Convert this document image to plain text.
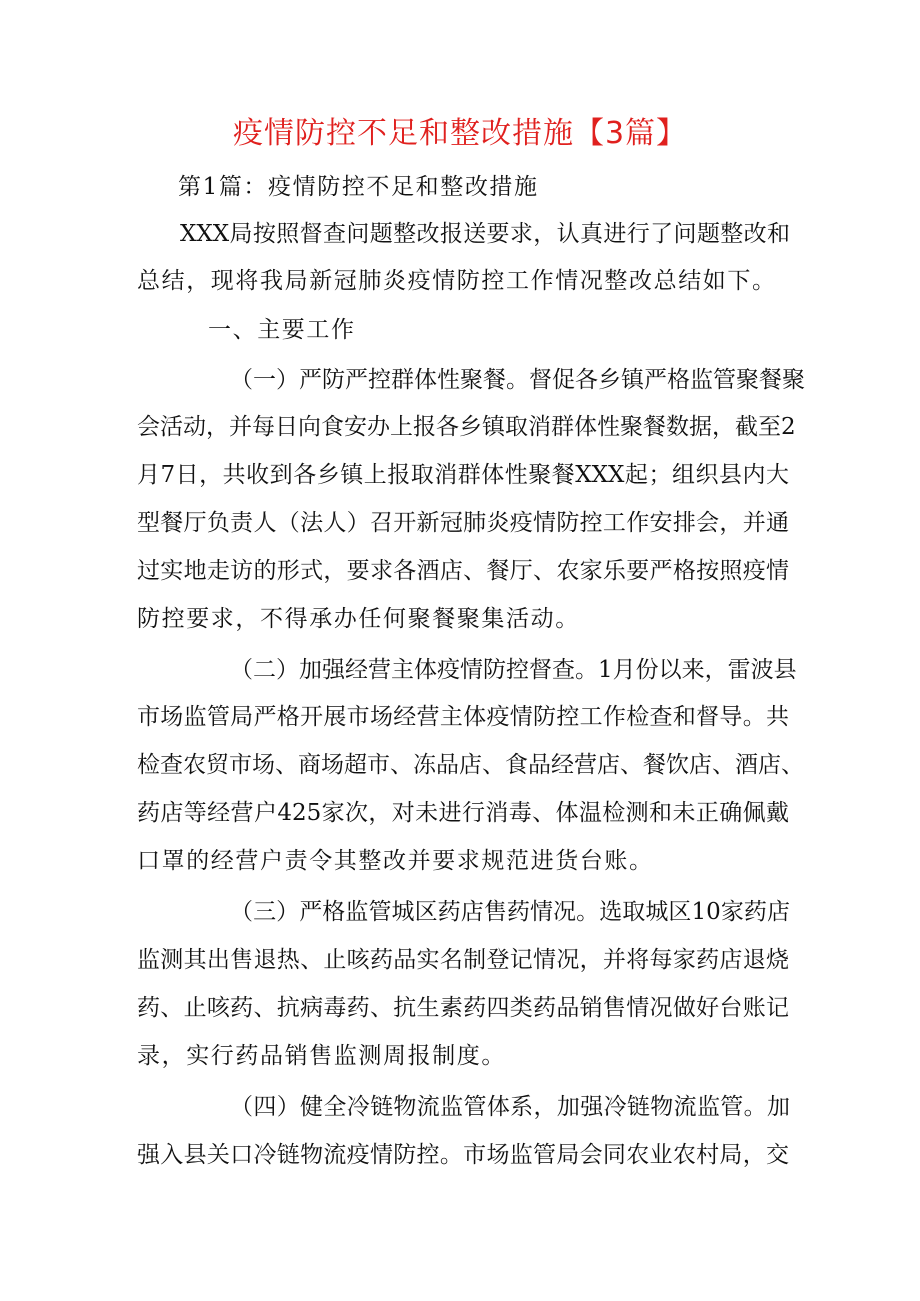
疫情防控不足和整改措施【3篇】

第1篇：疫情防控不足和整改措施

XXX局按照督查问题整改报送要求，认真进行了问题整改和

总结，现将我局新冠肺炎疫情防控工作情况整改总结如下。

一、主要工作

（一）严防严控群体性聚餐。督促各乡镇严格监管聚餐聚

会活动，并每日向食安办上报各乡镇取消群体性聚餐数据，截至2

月7日，共收到各乡镇上报取消群体性聚餐XXX起；组织县内大

型餐厅负责人（法人）召开新冠肺炎疫情防控工作安排会，并通

过实地走访的形式，要求各酒店、餐厅、农家乐要严格按照疫情

防控要求，不得承办任何聚餐聚集活动。

（二）加强经营主体疫情防控督查。1月份以来，雷波县

市场监管局严格开展市场经营主体疫情防控工作检查和督导。共

检查农贸市场、商场超市、冻品店、食品经营店、餐饮店、酒店、

药店等经营户425家次，对未进行消毒、体温检测和未正确佩戴

口罩的经营户责令其整改并要求规范进货台账。

（三）严格监管城区药店售药情况。选取城区10家药店

监测其出售退热、止咳药品实名制登记情况，并将每家药店退烧

药、止咳药、抗病毒药、抗生素药四类药品销售情况做好台账记

录，实行药品销售监测周报制度。

（四）健全冷链物流监管体系，加强冷链物流监管。加

强入县关口冷链物流疫情防控。市场监管局会同农业农村局，交
